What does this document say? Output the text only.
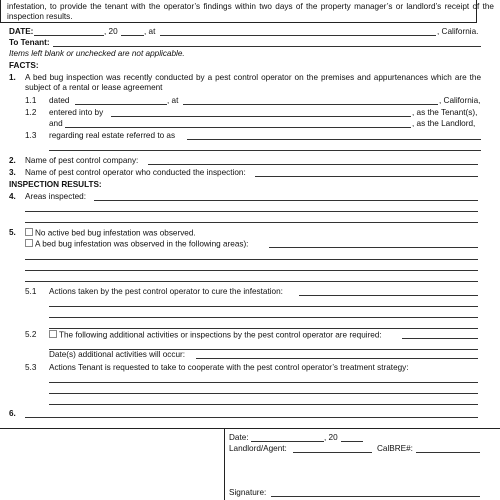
infestation, to provide the tenant with the operator’s findings within two days of the property manager’s or landlord’s receipt of the inspection results.
DATE:	, 20	, at	, California.
To Tenant:
Items left blank or unchecked are not applicable.
FACTS:
1. A bed bug inspection was recently conducted by a pest control operator on the premises and appurtenances which are the subject of a rental or lease agreement
1.1 dated	, at	, California,
1.2 entered into by	, as the Tenant(s),
and	, as the Landlord,
1.3 regarding real estate referred to as
2. Name of pest control company:
3. Name of pest control operator who conducted the inspection:
INSPECTION RESULTS:
4. Areas inspected:
5.	No active bed bug infestation was observed.
A bed bug infestation was observed in the following areas):
5.1 Actions taken by the pest control operator to cure the infestation:
5.2	The following additional activities or inspections by the pest control operator are required:
Date(s) additional activities will occur:
5.3 Actions Tenant is requested to take to cooperate with the pest control operator’s treatment strategy:
6.
Date:	, 20
Landlord/Agent:	CalBRE#:
Signature:
